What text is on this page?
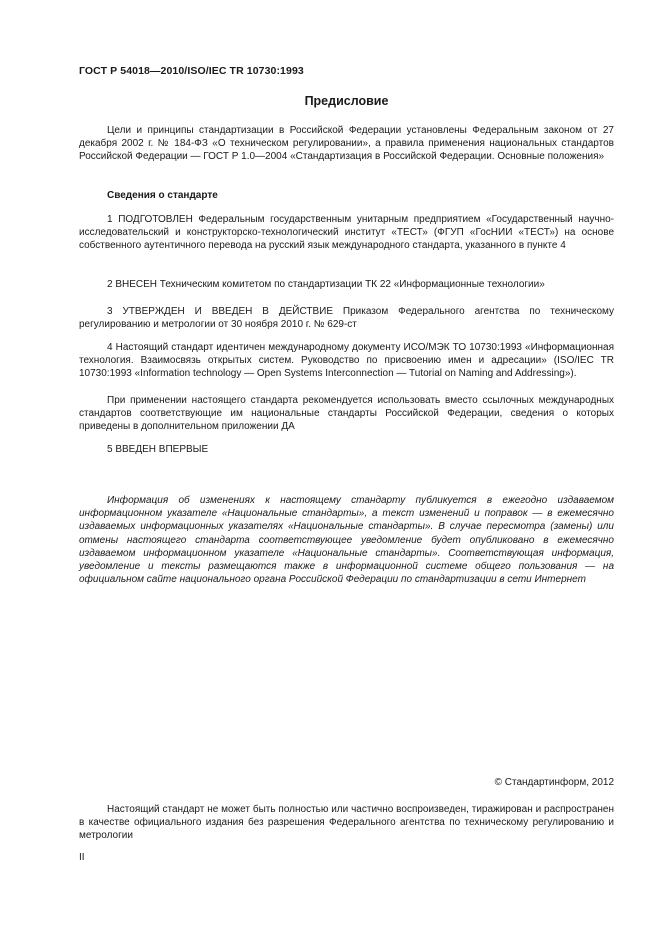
ГОСТ Р 54018—2010/ISO/IEC TR 10730:1993
Предисловие

Цели и принципы стандартизации в Российской Федерации установлены Федеральным законом от 27 декабря 2002 г. № 184-ФЗ «О техническом регулировании», а правила применения национальных стандартов Российской Федерации — ГОСТ Р 1.0—2004 «Стандартизация в Российской Федерации. Основные положения»

Сведения о стандарте

1 ПОДГОТОВЛЕН Федеральным государственным унитарным предприятием «Государственный научно-исследовательский и конструкторско-технологический институт «ТЕСТ» (ФГУП «ГосНИИ «ТЕСТ») на основе собственного аутентичного перевода на русский язык международного стандарта, указанного в пункте 4

2 ВНЕСЕН Техническим комитетом по стандартизации ТК 22 «Информационные технологии»

3 УТВЕРЖДЕН И ВВЕДЕН В ДЕЙСТВИЕ Приказом Федерального агентства по техническому регулированию и метрологии от 30 ноября 2010 г. № 629-ст

4 Настоящий стандарт идентичен международному документу ИСО/МЭК ТО 10730:1993 «Информационная технология. Взаимосвязь открытых систем. Руководство по присвоению имен и адресации» (ISO/IEC TR 10730:1993 «Information technology — Open Systems Interconnection — Tutorial on Naming and Addressing»).

При применении настоящего стандарта рекомендуется использовать вместо ссылочных международных стандартов соответствующие им национальные стандарты Российской Федерации, сведения о которых приведены в дополнительном приложении ДА

5 ВВЕДЕН ВПЕРВЫЕ

Информация об изменениях к настоящему стандарту публикуется в ежегодно издаваемом информационном указателе «Национальные стандарты», а текст изменений и поправок — в ежемесячно издаваемых информационных указателях «Национальные стандарты». В случае пересмотра (замены) или отмены настоящего стандарта соответствующее уведомление будет опубликовано в ежемесячно издаваемом информационном указателе «Национальные стандарты». Соответствующая информация, уведомление и тексты размещаются также в информационной системе общего пользования — на официальном сайте национального органа Российской Федерации по стандартизации в сети Интернет

© Стандартинформ, 2012

Настоящий стандарт не может быть полностью или частично воспроизведен, тиражирован и распространен в качестве официального издания без разрешения Федерального агентства по техническому регулированию и метрологии

II
